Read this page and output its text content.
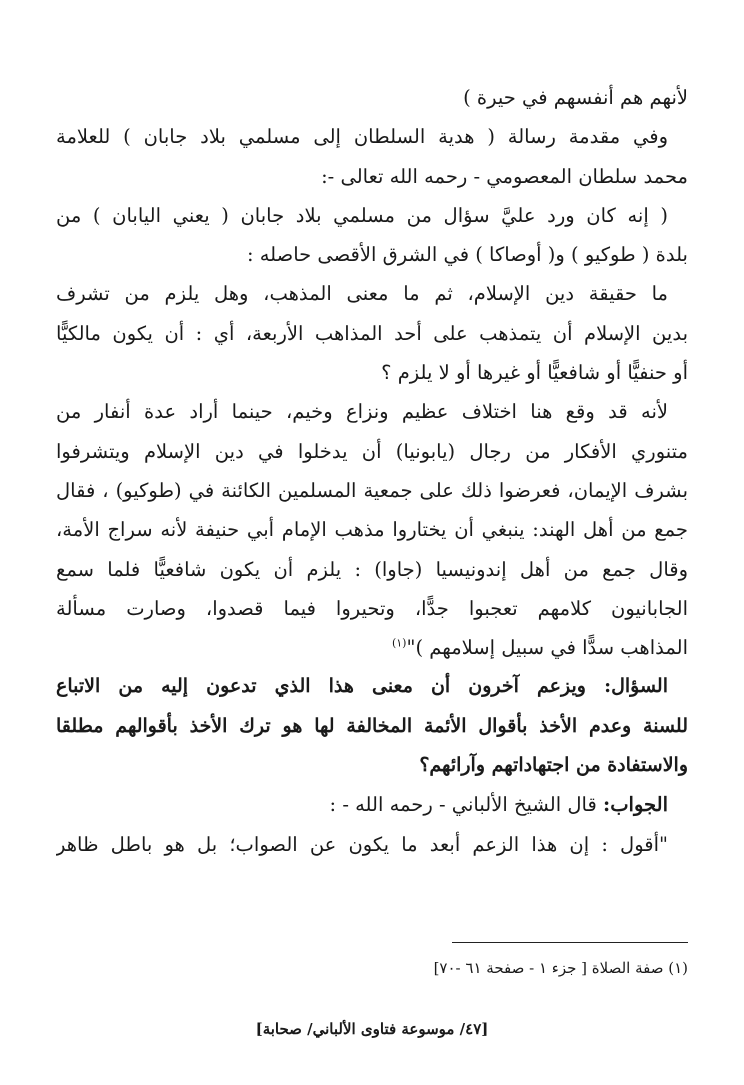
لأنهم هم أنفسهم في حيرة )
وفي مقدمة رسالة ( هدية السلطان إلى مسلمي بلاد جابان ) للعلامة
محمد سلطان المعصومي - رحمه الله تعالى -:
( إنه كان ورد عليَّ سؤال من مسلمي بلاد جابان ( يعني اليابان ) من
بلدة ( طوكيو ) و( أوصاكا ) في الشرق الأقصى حاصله :
ما حقيقة دين الإسلام، ثم ما معنى المذهب، وهل يلزم من تشرف
بدين الإسلام أن يتمذهب على أحد المذاهب الأربعة، أي : أن يكون مالكيًّا
أو حنفيًّا أو شافعيًّا أو غيرها أو لا يلزم ؟
لأنه قد وقع هنا اختلاف عظيم ونزاع وخيم، حينما أراد عدة أنفار من
متنوري الأفكار من رجال (يابونيا) أن يدخلوا في دين الإسلام ويتشرفوا
بشرف الإيمان، فعرضوا ذلك على جمعية المسلمين الكائنة في (طوكيو) ، فقال
جمع من أهل الهند: ينبغي أن يختاروا مذهب الإمام أبي حنيفة لأنه سراج الأمة،
وقال جمع من أهل إندونيسيا (جاوا) : يلزم أن يكون شافعيًّا فلما سمع
الجابانيون كلامهم تعجبوا جدًّا، وتحيروا فيما قصدوا، وصارت مسألة
المذاهب سدًّا في سبيل إسلامهم )"$^{(١)}$
السؤال: ويزعم آخرون أن معنى هذا الذي تدعون إليه من الاتباع
للسنة وعدم الأخذ بأقوال الأئمة المخالفة لها هو ترك الأخذ بأقوالهم مطلقا
والاستفادة من اجتهاداتهم وآرائهم؟
الجواب: قال الشيخ الألباني - رحمه الله - :
"أقول : إن هذا الزعم أبعد ما يكون عن الصواب؛ بل هو باطل ظاهر
(١) صفة الصلاة [ جزء ١ - صفحة ٦١ -٧٠]
[٤٧/ موسوعة فتاوى الألباني/ صحابة]
